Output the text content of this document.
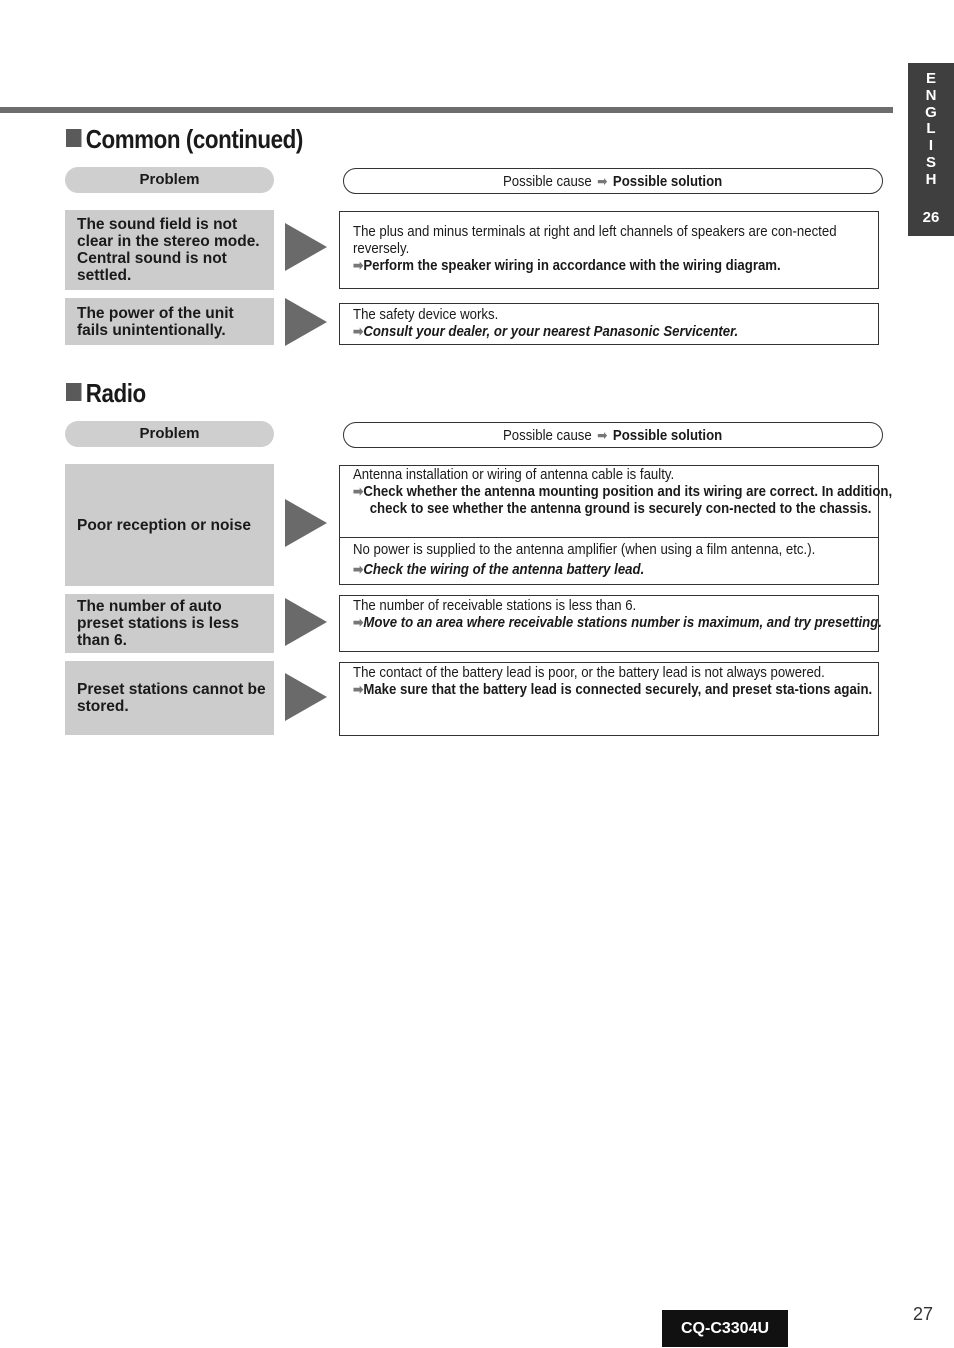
E
N
G
L
I
S
H
26
Common (continued)
Problem	Possible cause ➡ Possible solution
The sound field is not clear in the stereo mode. Central sound is not settled.
The plus and minus terminals at right and left channels of speakers are con-nected reversely.
➡Perform the speaker wiring in accordance with the wiring diagram.
The power of the unit fails unintentionally.
The safety device works.
➡Consult your dealer, or your nearest Panasonic Servicenter.
Radio
Problem	Possible cause ➡ Possible solution
Poor reception or noise
Antenna installation or wiring of antenna cable is faulty.
➡Check whether the antenna mounting position and its wiring are correct. In addition, check to see whether the antenna ground is securely con-nected to the chassis.
No power is supplied to the antenna amplifier (when using a film antenna, etc.).
➡Check the wiring of the antenna battery lead.
The number of auto preset stations is less than 6.
The number of receivable stations is less than 6.
➡Move to an area where receivable stations number is maximum, and try presetting.
Preset stations cannot be stored.
The contact of the battery lead is poor, or the battery lead is not always powered.
➡Make sure that the battery lead is connected securely, and preset sta-tions again.
CQ-C3304U
27
